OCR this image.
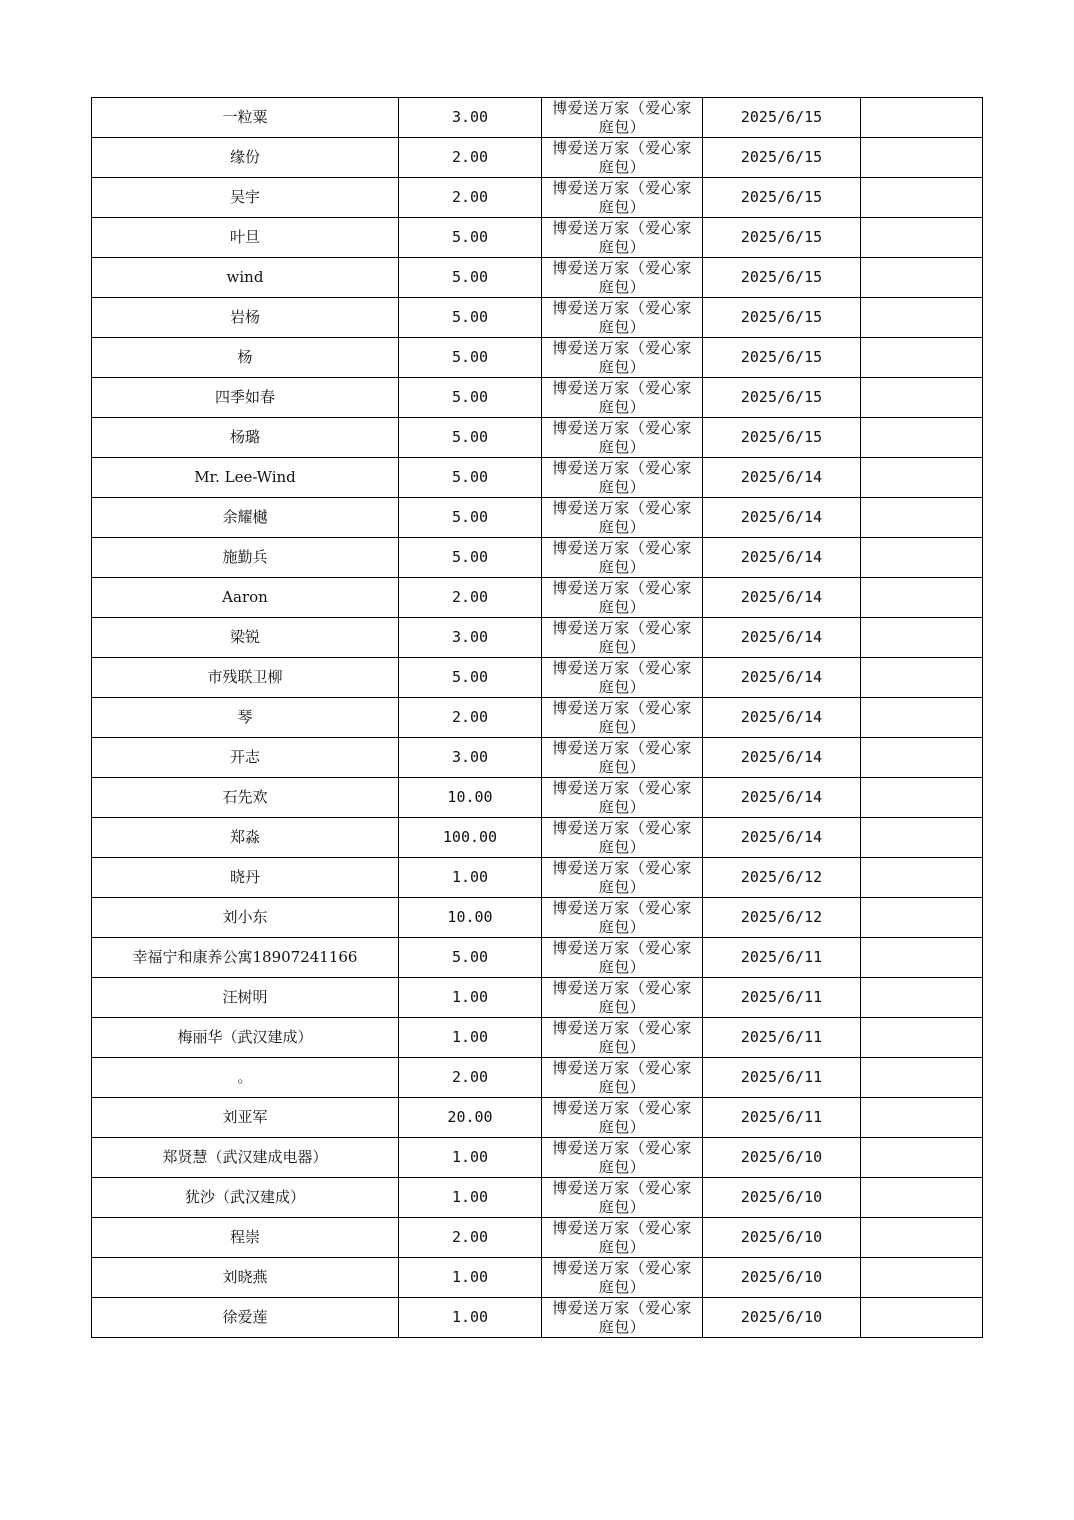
一粒粟	3.00	博爱送万家（爱心家庭包）	2025/6/15	
缘份	2.00	博爱送万家（爱心家庭包）	2025/6/15	
吴宇	2.00	博爱送万家（爱心家庭包）	2025/6/15	
叶旦	5.00	博爱送万家（爱心家庭包）	2025/6/15	
wind	5.00	博爱送万家（爱心家庭包）	2025/6/15	
岩杨	5.00	博爱送万家（爱心家庭包）	2025/6/15	
杨	5.00	博爱送万家（爱心家庭包）	2025/6/15	
四季如春	5.00	博爱送万家（爱心家庭包）	2025/6/15	
杨璐	5.00	博爱送万家（爱心家庭包）	2025/6/15	
Mr. Lee-Wind	5.00	博爱送万家（爱心家庭包）	2025/6/14	
余耀樾	5.00	博爱送万家（爱心家庭包）	2025/6/14	
施勤兵	5.00	博爱送万家（爱心家庭包）	2025/6/14	
Aaron	2.00	博爱送万家（爱心家庭包）	2025/6/14	
梁锐	3.00	博爱送万家（爱心家庭包）	2025/6/14	
市残联卫柳	5.00	博爱送万家（爱心家庭包）	2025/6/14	
琴	2.00	博爱送万家（爱心家庭包）	2025/6/14	
开志	3.00	博爱送万家（爱心家庭包）	2025/6/14	
石先欢	10.00	博爱送万家（爱心家庭包）	2025/6/14	
郑淼	100.00	博爱送万家（爱心家庭包）	2025/6/14	
晓丹	1.00	博爱送万家（爱心家庭包）	2025/6/12	
刘小东	10.00	博爱送万家（爱心家庭包）	2025/6/12	
幸福宁和康养公寓18907241166	5.00	博爱送万家（爱心家庭包）	2025/6/11	
汪树明	1.00	博爱送万家（爱心家庭包）	2025/6/11	
梅丽华（武汉建成）	1.00	博爱送万家（爱心家庭包）	2025/6/11	
。	2.00	博爱送万家（爱心家庭包）	2025/6/11	
刘亚军	20.00	博爱送万家（爱心家庭包）	2025/6/11	
郑贤慧（武汉建成电器）	1.00	博爱送万家（爱心家庭包）	2025/6/10	
犹沙（武汉建成）	1.00	博爱送万家（爱心家庭包）	2025/6/10	
程崇	2.00	博爱送万家（爱心家庭包）	2025/6/10	
刘晓燕	1.00	博爱送万家（爱心家庭包）	2025/6/10	
徐爱莲	1.00	博爱送万家（爱心家庭包）	2025/6/10	
